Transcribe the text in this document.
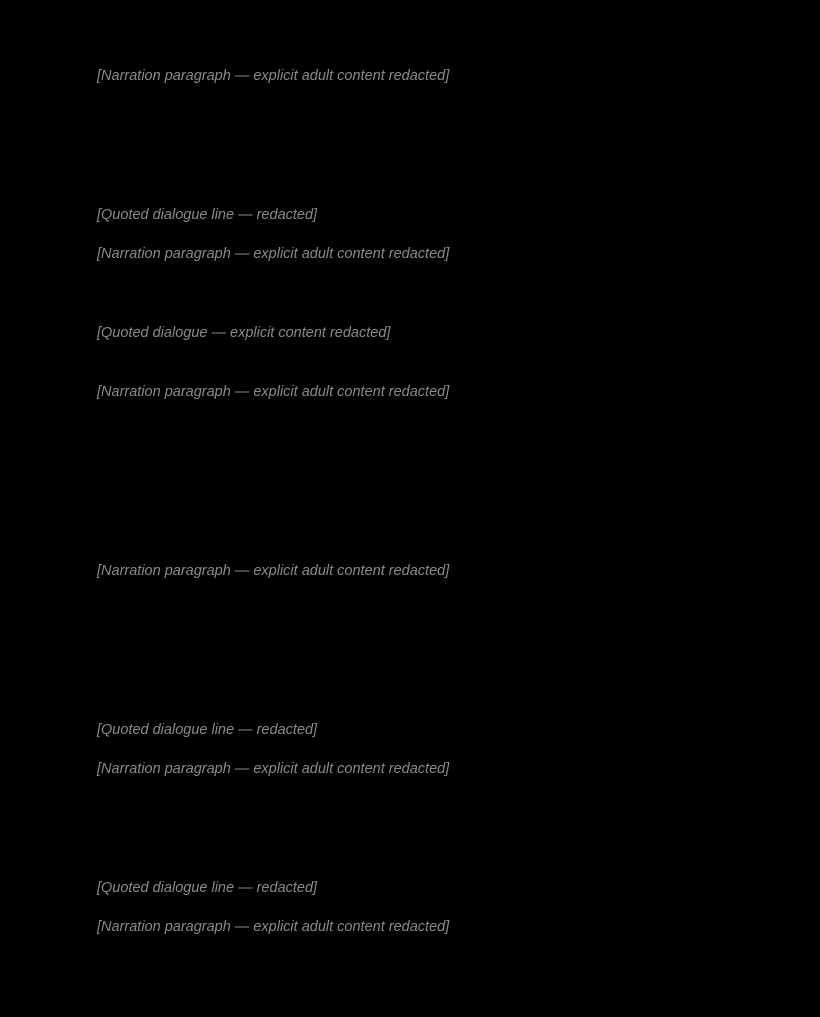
[Narration paragraph — explicit adult content redacted]

[Quoted dialogue line — redacted]

[Narration paragraph — explicit adult content redacted]

[Quoted dialogue — explicit content redacted]

[Narration paragraph — explicit adult content redacted]

[Narration paragraph — explicit adult content redacted]

[Quoted dialogue line — redacted]

[Narration paragraph — explicit adult content redacted]

[Quoted dialogue line — redacted]

[Narration paragraph — explicit adult content redacted]
